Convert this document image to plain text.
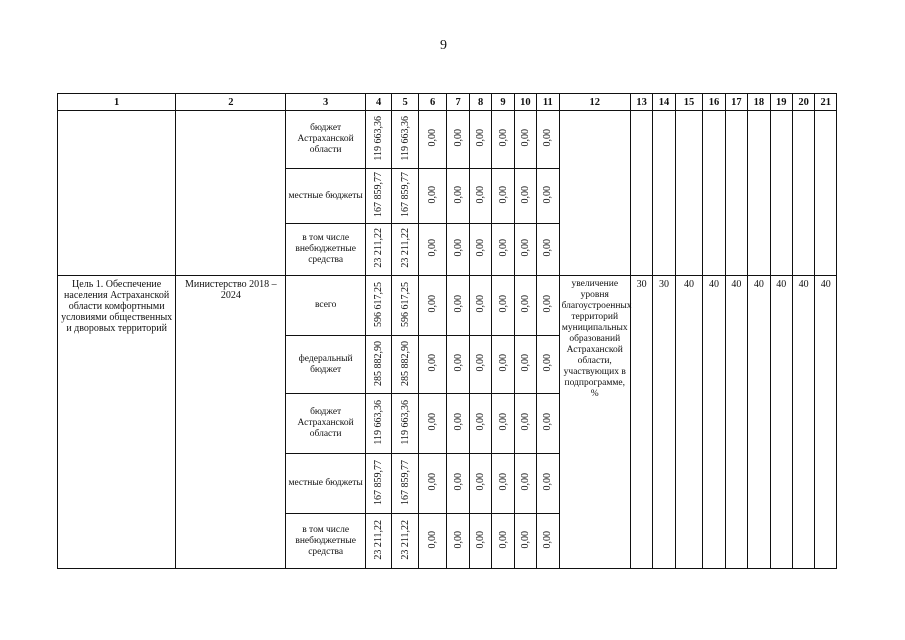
9
1	2	3	4	5	6	7	8	9	10	11	12	13	14	15	16	17	18	19	20	21
		бюджет Астраханской области	119 663,36	119 663,36	0,00	0,00	0,00	0,00	0,00	0,00										
		местные бюджеты	167 859,77	167 859,77	0,00	0,00	0,00	0,00	0,00	0,00										
		в том числе внебюджетные средства	23 211,22	23 211,22	0,00	0,00	0,00	0,00	0,00	0,00										
Цель 1. Обеспечение населения Астраханской области комфортными условиями общественных и дворовых территорий	Министерство 2018 – 2024	всего	596 617,25	596 617,25	0,00	0,00	0,00	0,00	0,00	0,00	увеличение уровня благоустроенных территорий муниципальных образований Астраханской области, участвующих в подпрограмме, %	30	30	40	40	40	40	40	40	40
		федеральный бюджет	285 882,90	285 882,90	0,00	0,00	0,00	0,00	0,00	0,00										
		бюджет Астраханской области	119 663,36	119 663,36	0,00	0,00	0,00	0,00	0,00	0,00										
		местные бюджеты	167 859,77	167 859,77	0,00	0,00	0,00	0,00	0,00	0,00										
		в том числе внебюджетные средства	23 211,22	23 211,22	0,00	0,00	0,00	0,00	0,00	0,00										
